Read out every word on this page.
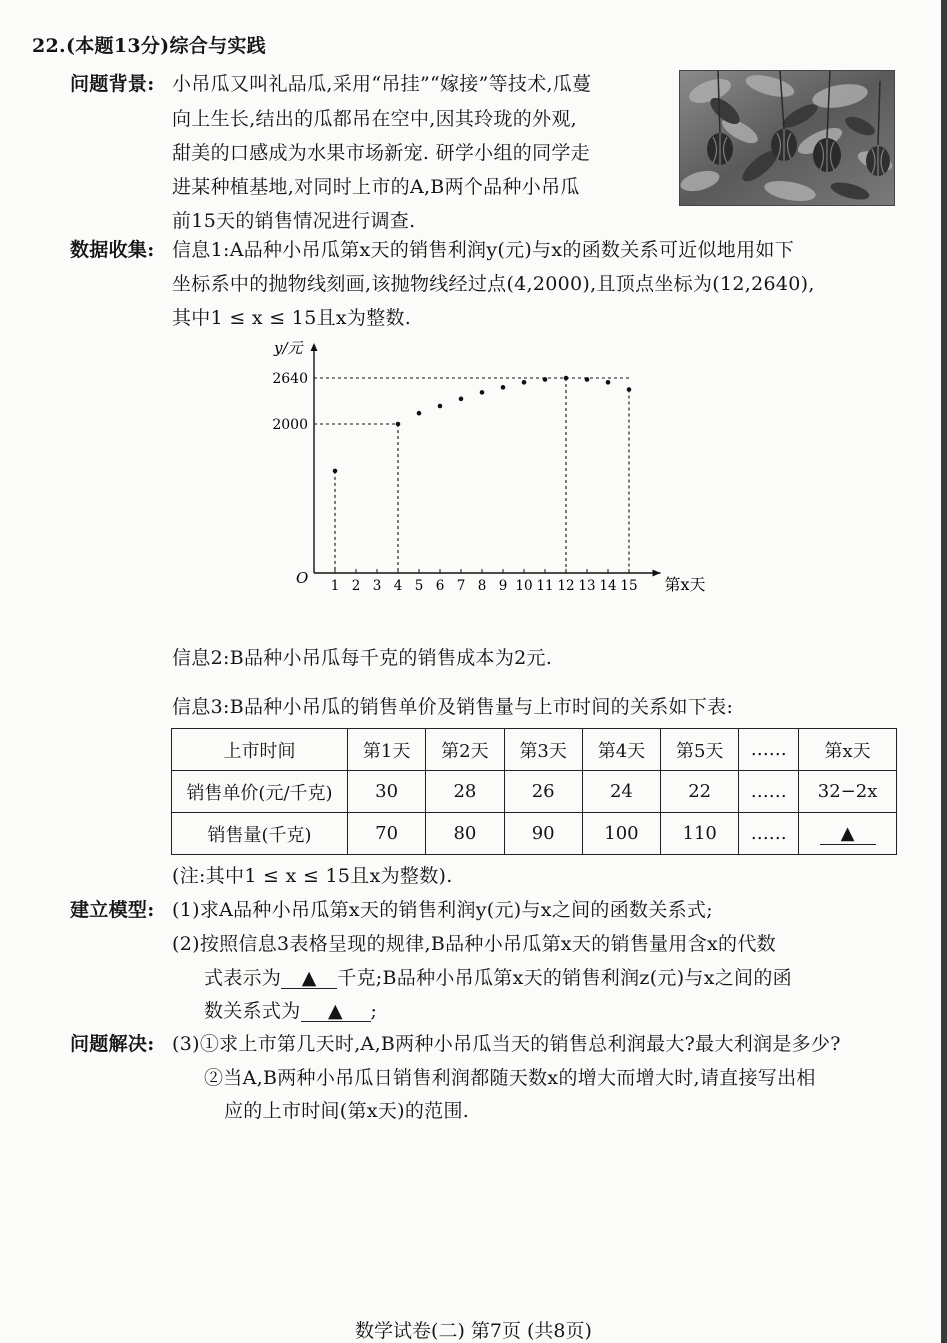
22.(本题13分)综合与实践
问题背景: 小吊瓜又叫礼品瓜,采用“吊挂”“嫁接”等技术,瓜蔓
向上生长,结出的瓜都吊在空中,因其玲珑的外观,
甜美的口感成为水果市场新宠. 研学小组的同学走
进某种植基地,对同时上市的A,B两个品种小吊瓜
前15天的销售情况进行调查.
数据收集: 信息1:A品种小吊瓜第x天的销售利润y(元)与x的函数关系可近似地用如下
坐标系中的抛物线刻画,该抛物线经过点(4,2000),且顶点坐标为(12,2640),
其中1 ≤ x ≤ 15且x为整数.
y/元
第x天
O 1 2 3 4 5 6 7 8 9 10 11 12 13 14 15
2000
2640
信息2:B品种小吊瓜每千克的销售成本为2元.
信息3:B品种小吊瓜的销售单价及销售量与上市时间的关系如下表:
上市时间	第1天	第2天	第3天	第4天	第5天	……	第x天
销售单价(元/千克)	30	28	26	24	22	……	32−2x
销售量(千克)	70	80	90	100	110	……	▲
(注:其中1 ≤ x ≤ 15且x为整数).
建立模型: (1)求A品种小吊瓜第x天的销售利润y(元)与x之间的函数关系式;
(2)按照信息3表格呈现的规律,B品种小吊瓜第x天的销售量用含x的代数
式表示为 ▲ 千克;B品种小吊瓜第x天的销售利润z(元)与x之间的函
数关系式为 ▲ ;
问题解决: (3)①求上市第几天时,A,B两种小吊瓜当天的销售总利润最大?最大利润是多少?
②当A,B两种小吊瓜日销售利润都随天数x的增大而增大时,请直接写出相
应的上市时间(第x天)的范围.
数学试卷(二) 第7页 (共8页)
